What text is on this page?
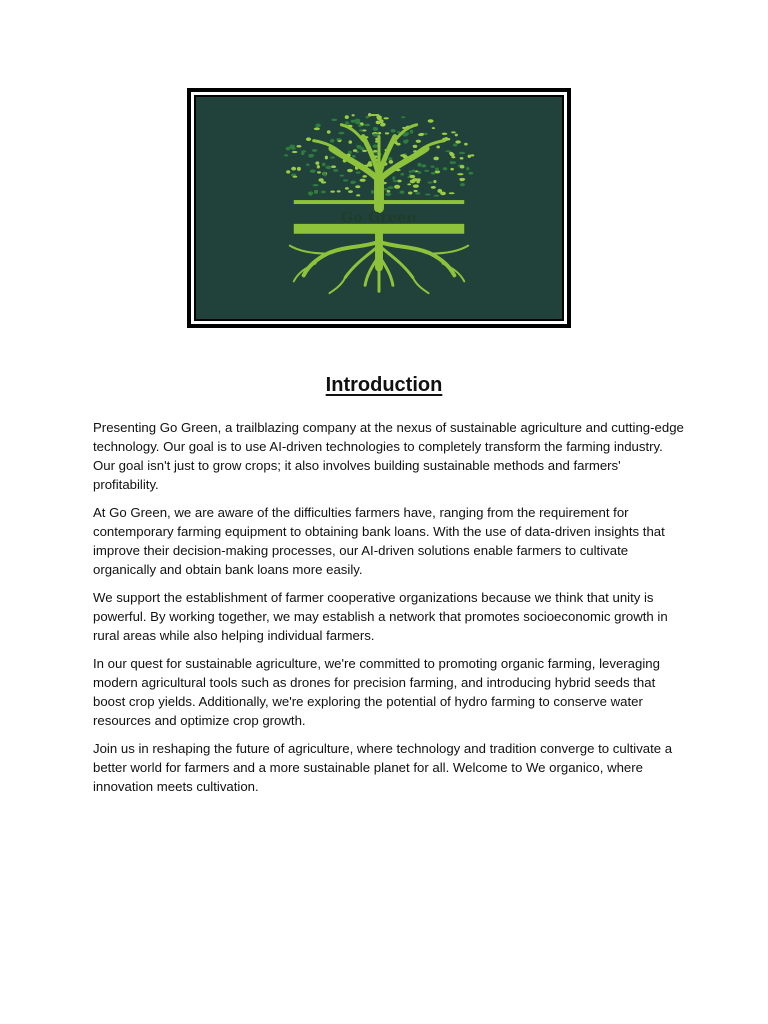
Go Green
Introduction

Presenting Go Green, a trailblazing company at the nexus of sustainable agriculture and cutting-edge technology. Our goal is to use AI-driven technologies to completely transform the farming industry. Our goal isn't just to grow crops; it also involves building sustainable methods and farmers' profitability.

At Go Green, we are aware of the difficulties farmers have, ranging from the requirement for contemporary farming equipment to obtaining bank loans. With the use of data-driven insights that improve their decision-making processes, our AI-driven solutions enable farmers to cultivate organically and obtain bank loans more easily.

We support the establishment of farmer cooperative organizations because we think that unity is powerful. By working together, we may establish a network that promotes socioeconomic growth in rural areas while also helping individual farmers.

In our quest for sustainable agriculture, we're committed to promoting organic farming, leveraging modern agricultural tools such as drones for precision farming, and introducing hybrid seeds that boost crop yields. Additionally, we're exploring the potential of hydro farming to conserve water resources and optimize crop growth.

Join us in reshaping the future of agriculture, where technology and tradition converge to cultivate a better world for farmers and a more sustainable planet for all. Welcome to We organico, where innovation meets cultivation.
